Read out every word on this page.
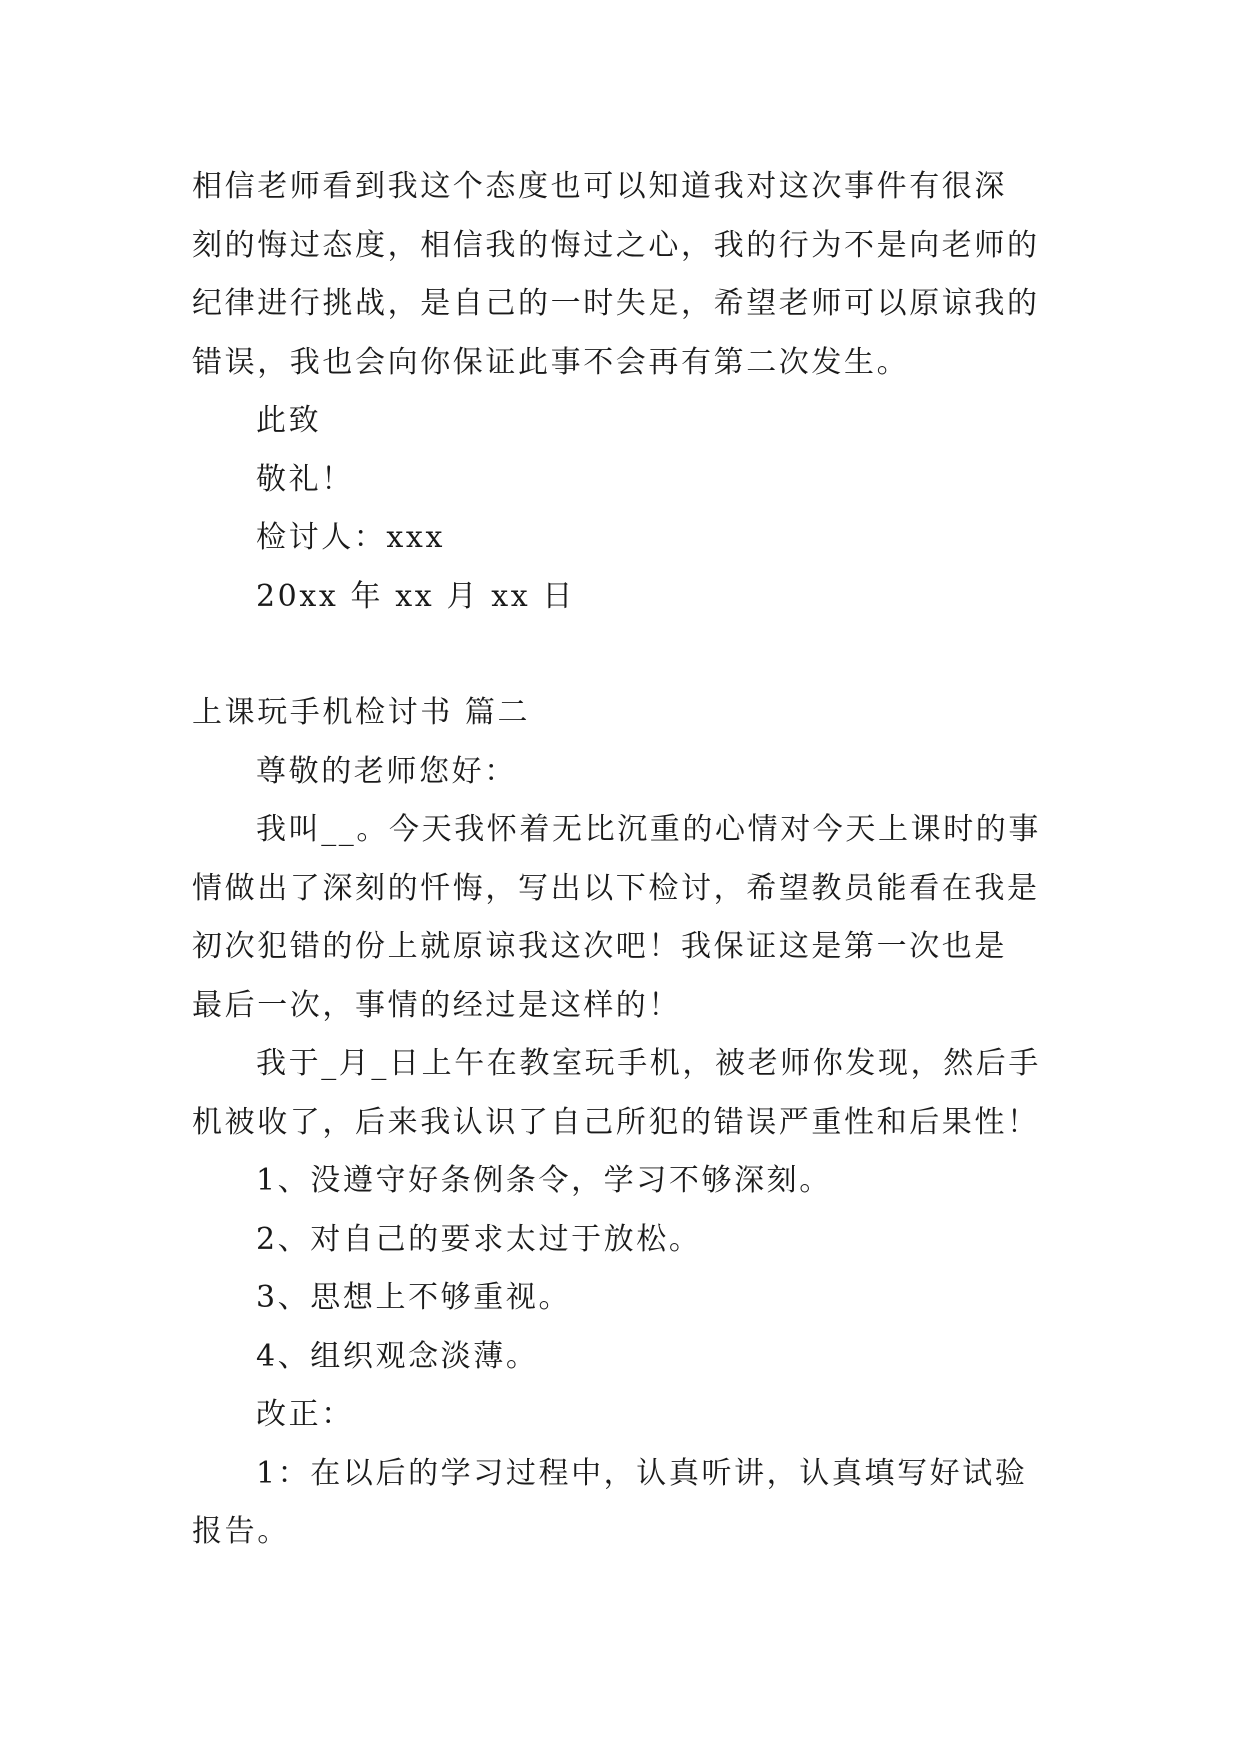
相信老师看到我这个态度也可以知道我对这次事件有很深
刻的悔过态度，相信我的悔过之心，我的行为不是向老师的
纪律进行挑战，是自己的一时失足，希望老师可以原谅我的
错误，我也会向你保证此事不会再有第二次发生。
此致
敬礼！
检讨人：xxx
20xx 年 xx 月 xx 日
上课玩手机检讨书 篇二
尊敬的老师您好：
我叫__。今天我怀着无比沉重的心情对今天上课时的事
情做出了深刻的忏悔，写出以下检讨，希望教员能看在我是
初次犯错的份上就原谅我这次吧！我保证这是第一次也是
最后一次，事情的经过是这样的！
我于_月_日上午在教室玩手机，被老师你发现，然后手
机被收了，后来我认识了自己所犯的错误严重性和后果性！
1、没遵守好条例条令，学习不够深刻。
2、对自己的要求太过于放松。
3、思想上不够重视。
4、组织观念淡薄。
改正：
1：在以后的学习过程中，认真听讲，认真填写好试验
报告。
